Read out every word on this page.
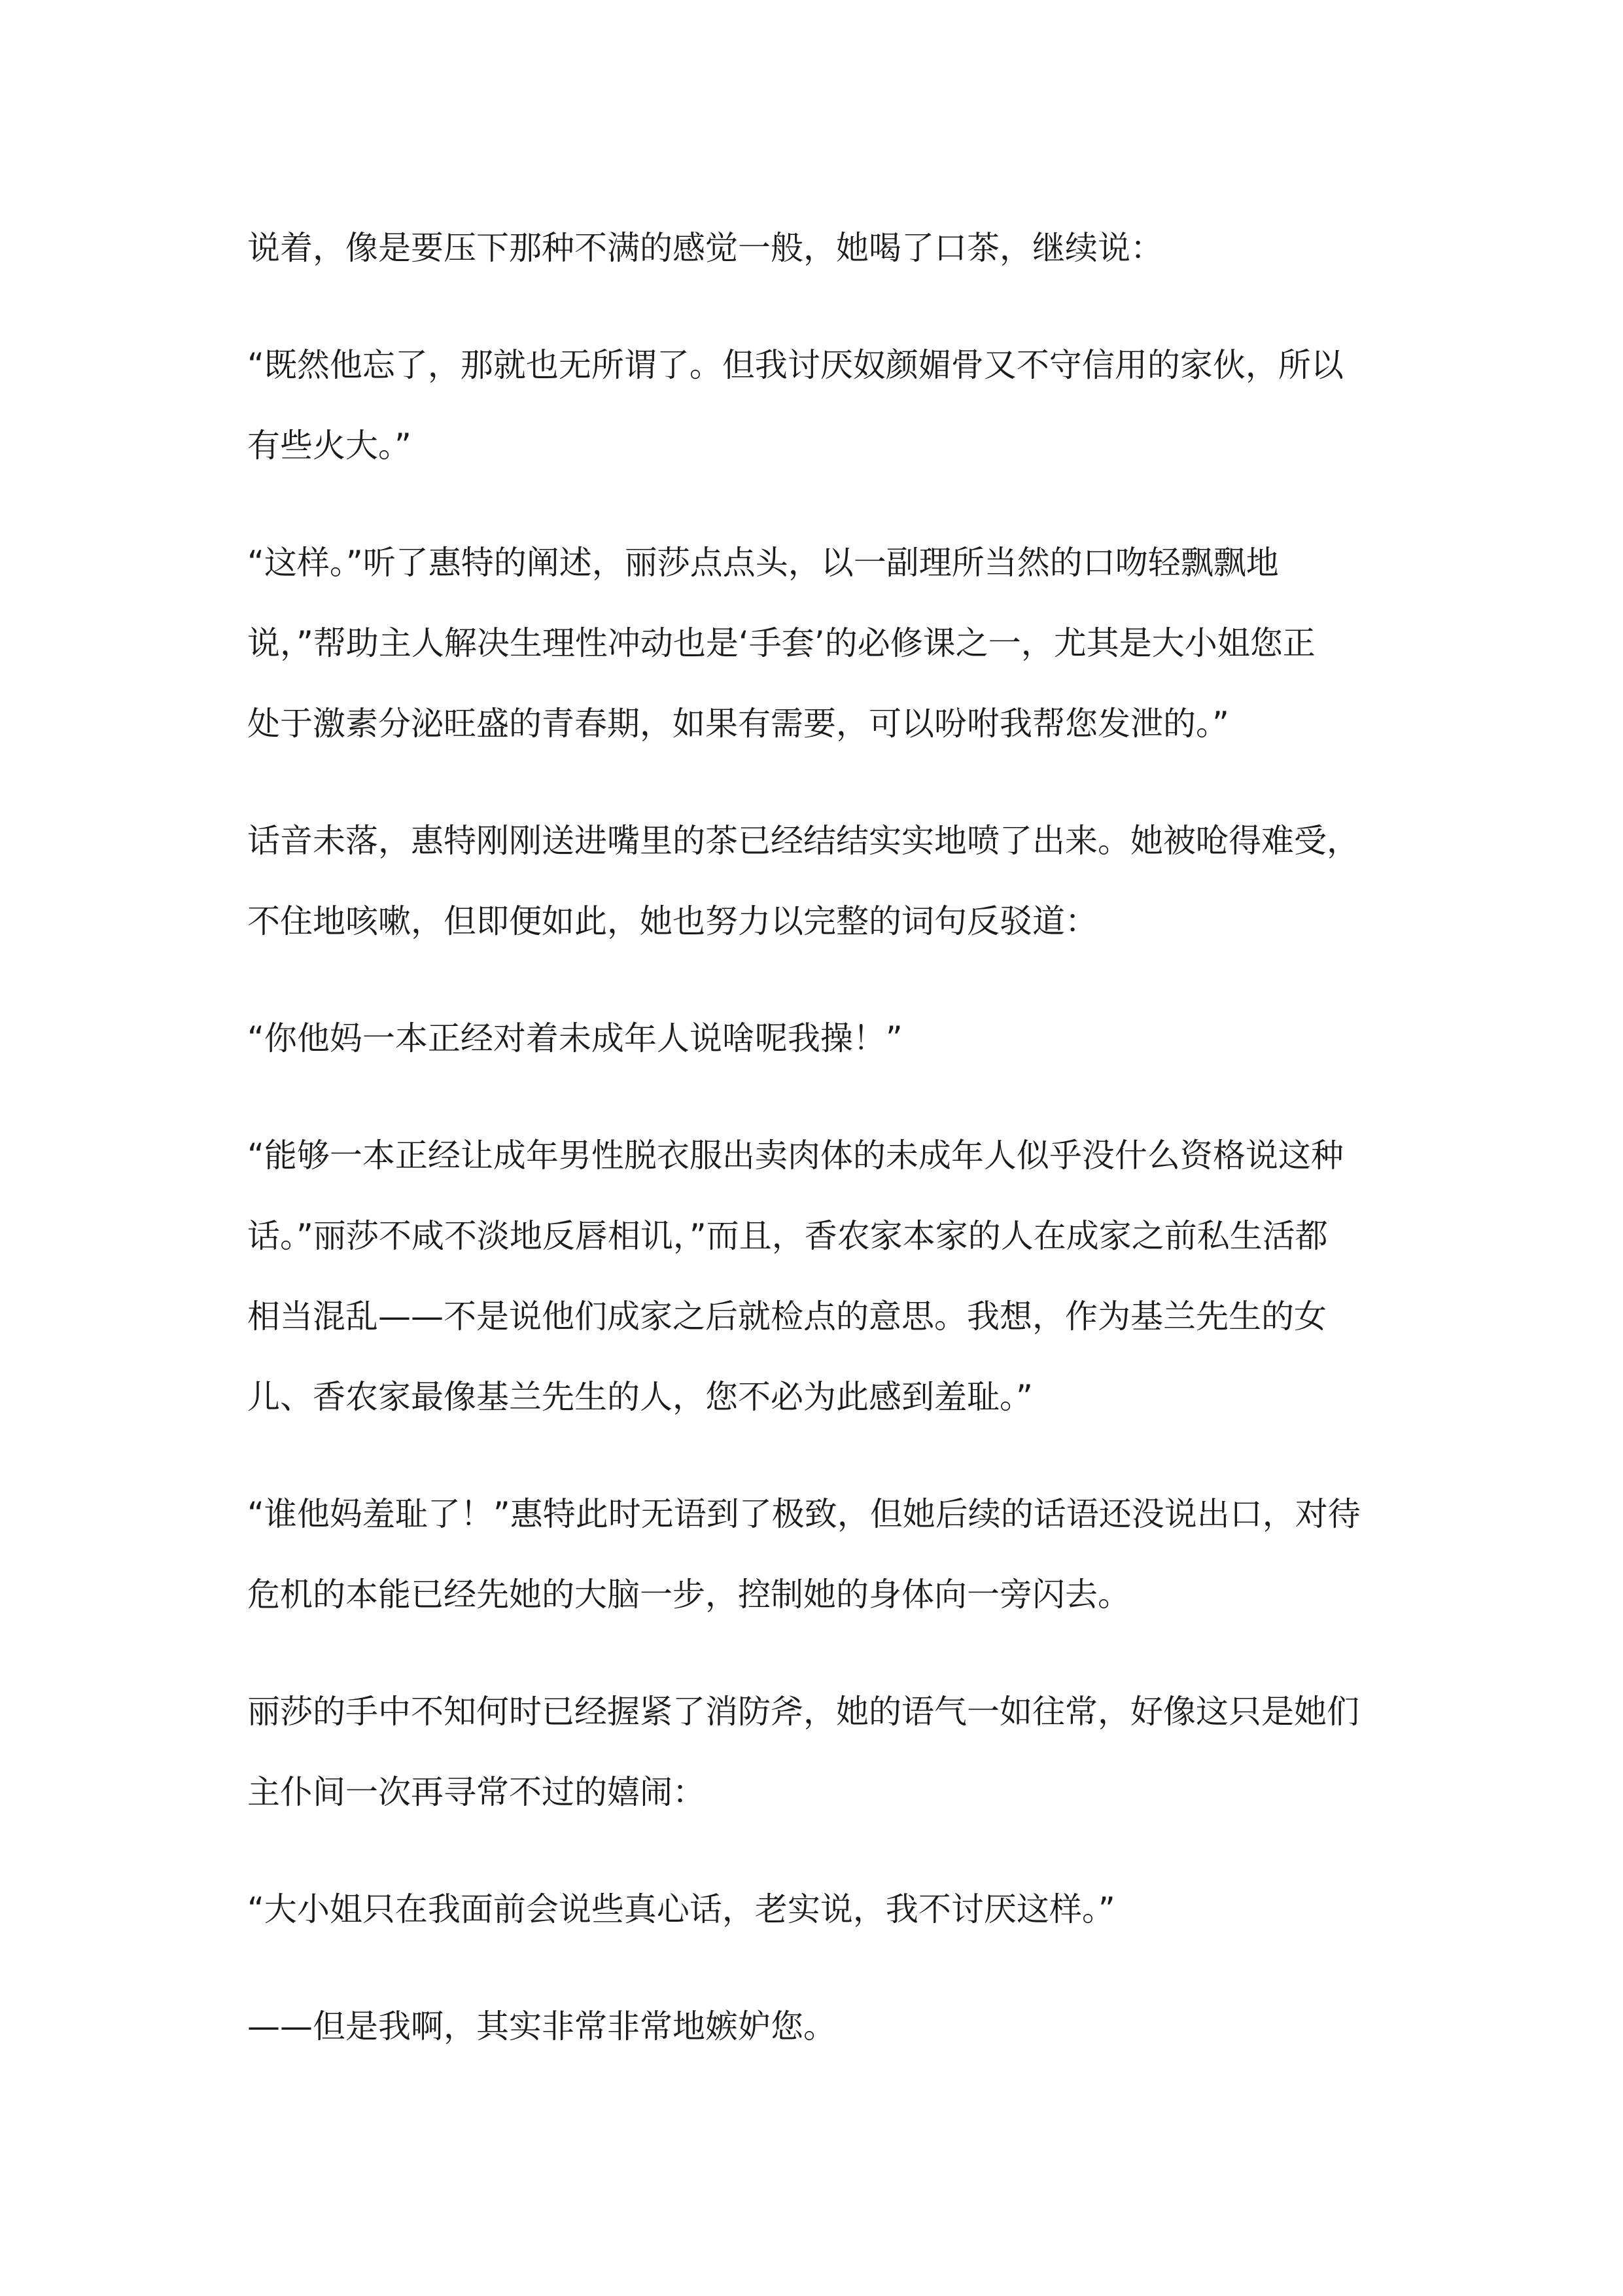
说着，像是要压下那种不满的感觉一般，她喝了口茶，继续说：

“既然他忘了，那就也无所谓了。但我讨厌奴颜媚骨又不守信用的家伙，所以
有些火大。”

“这样。”听了惠特的阐述，丽莎点点头，以一副理所当然的口吻轻飘飘地
说，”帮助主人解决生理性冲动也是‘手套’的必修课之一，尤其是大小姐您正
处于激素分泌旺盛的青春期，如果有需要，可以吩咐我帮您发泄的。”

话音未落，惠特刚刚送进嘴里的茶已经结结实实地喷了出来。她被呛得难受，
不住地咳嗽，但即便如此，她也努力以完整的词句反驳道：

“你他妈一本正经对着未成年人说啥呢我操！”

“能够一本正经让成年男性脱衣服出卖肉体的未成年人似乎没什么资格说这种
话。”丽莎不咸不淡地反唇相讥，”而且，香农家本家的人在成家之前私生活都
相当混乱——不是说他们成家之后就检点的意思。我想，作为基兰先生的女
儿、香农家最像基兰先生的人，您不必为此感到羞耻。”

“谁他妈羞耻了！”惠特此时无语到了极致，但她后续的话语还没说出口，对待
危机的本能已经先她的大脑一步，控制她的身体向一旁闪去。

丽莎的手中不知何时已经握紧了消防斧，她的语气一如往常，好像这只是她们
主仆间一次再寻常不过的嬉闹：

“大小姐只在我面前会说些真心话，老实说，我不讨厌这样。”

——但是我啊，其实非常非常地嫉妒您。
